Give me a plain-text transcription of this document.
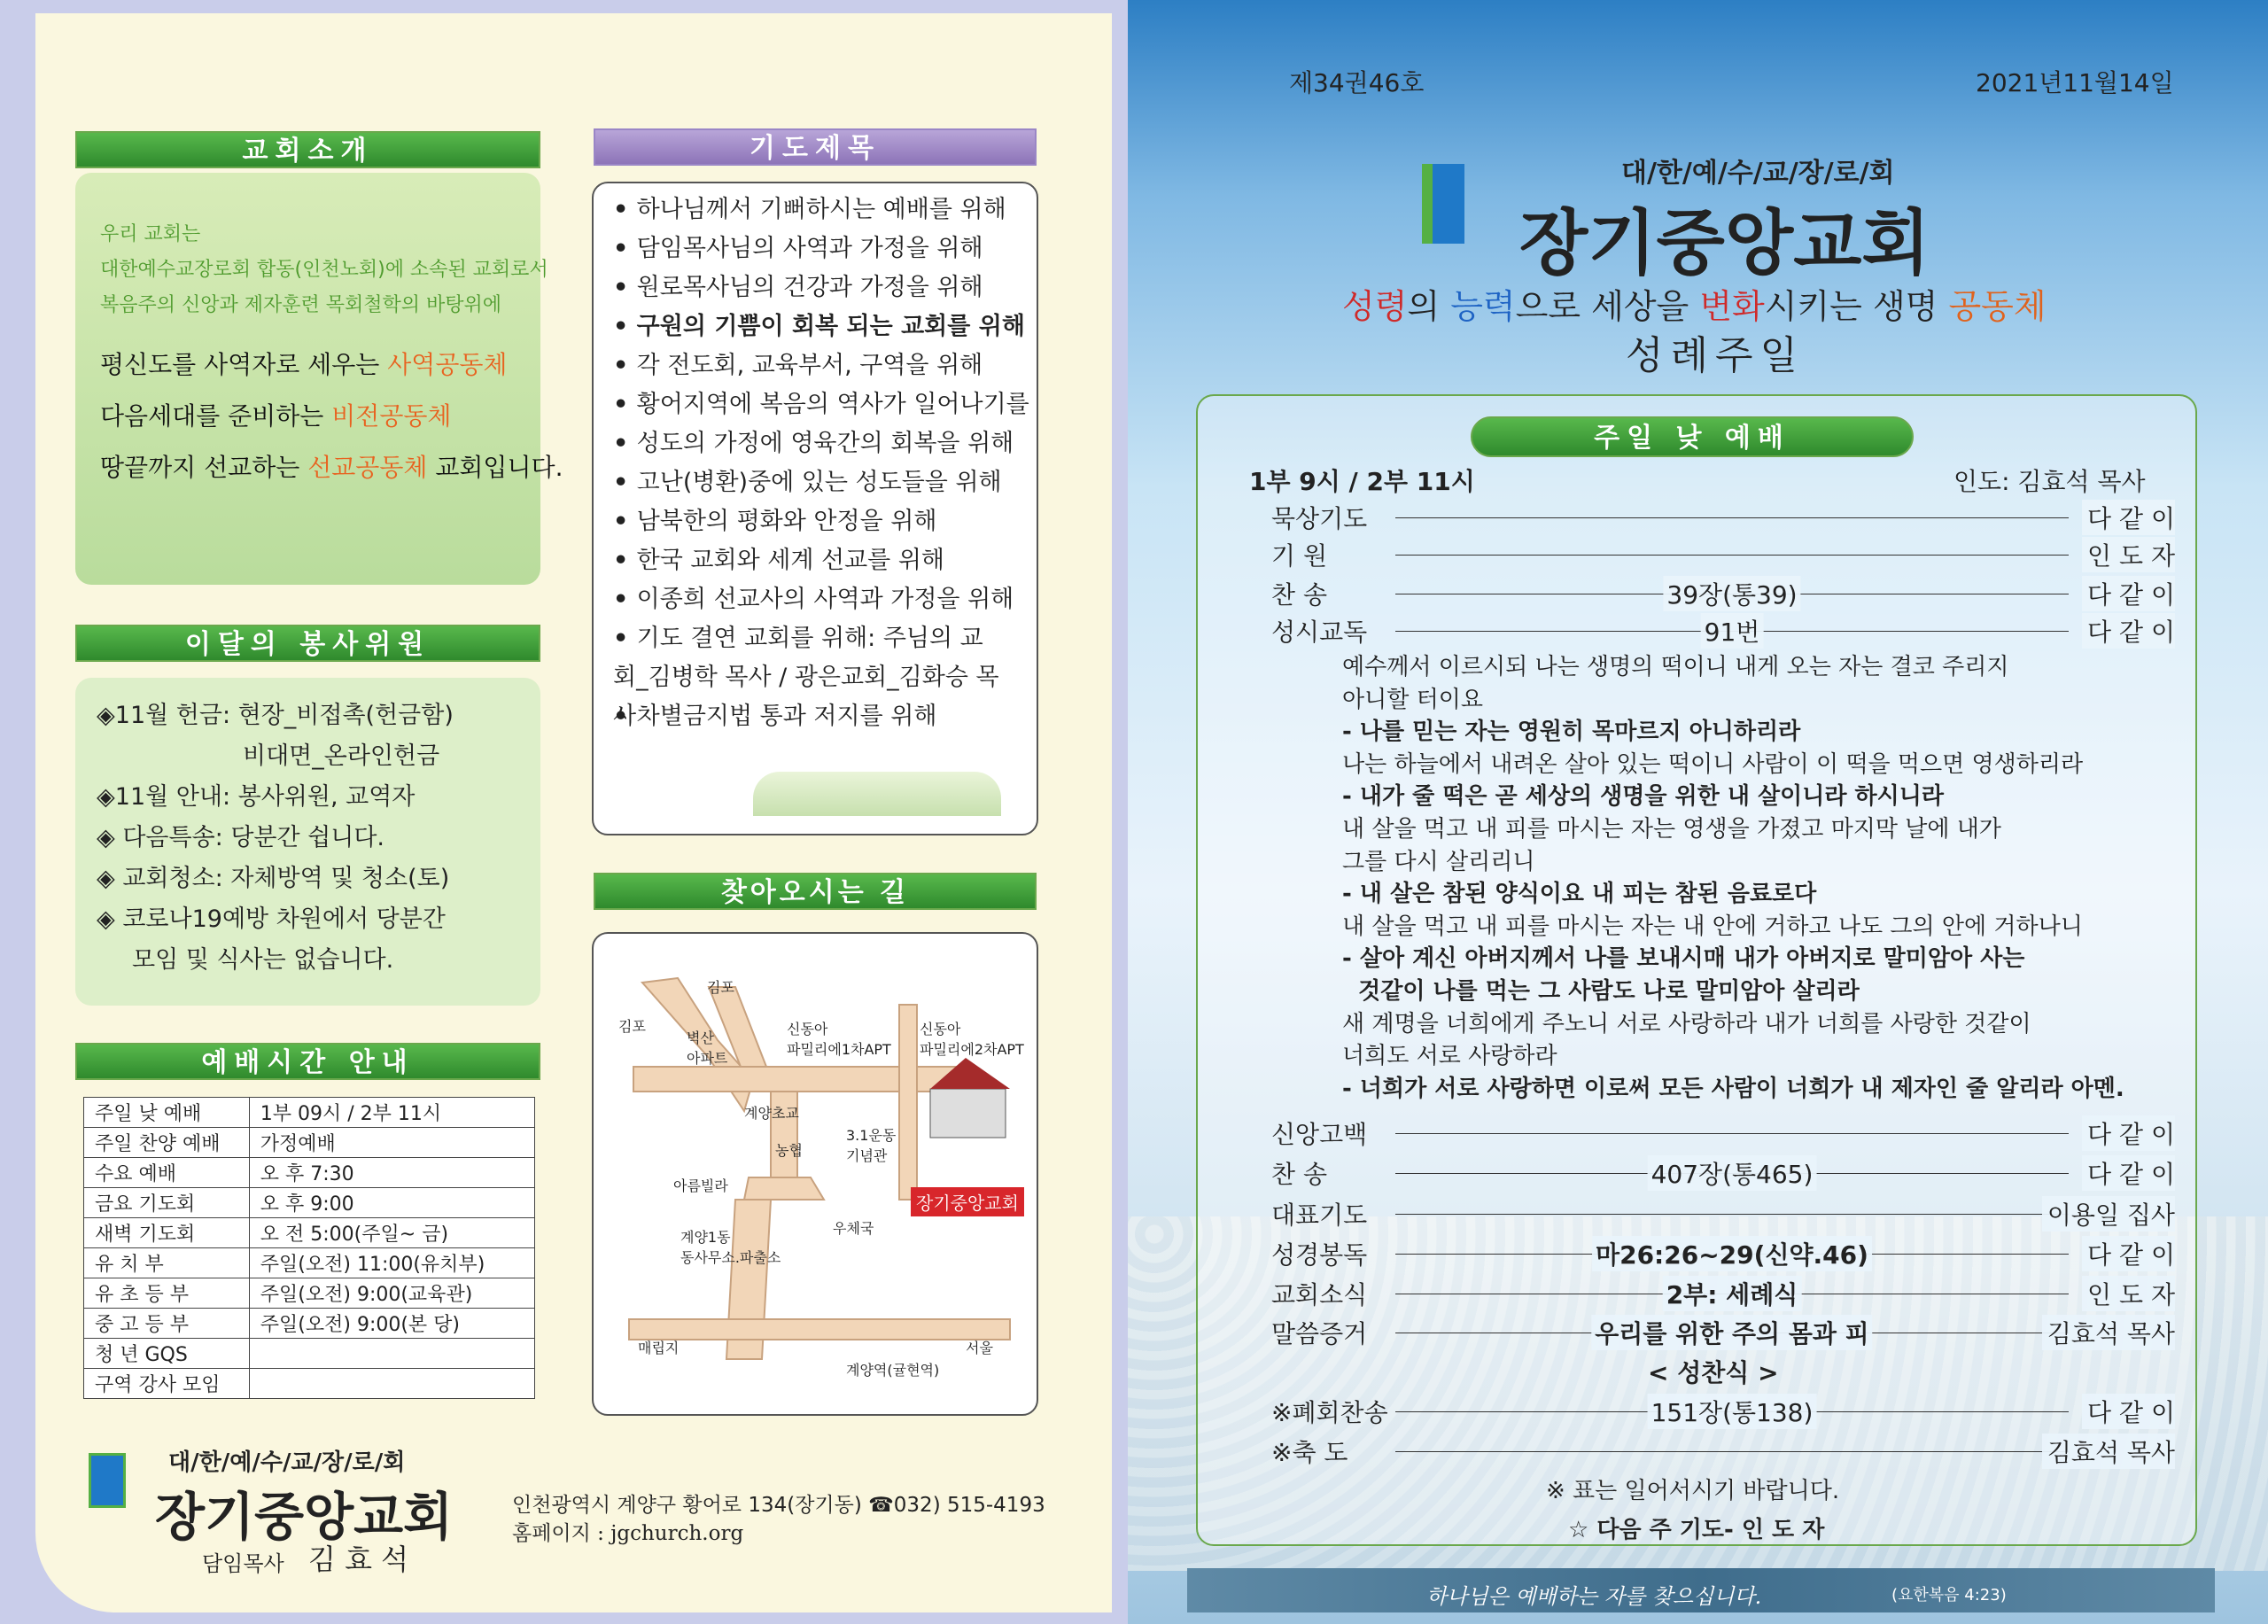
교회소개
우리 교회는
대한예수교장로회 합동(인천노회)에 소속된 교회로서
복음주의 신앙과 제자훈련 목회철학의 바탕위에
평신도를 사역자로 세우는 사역공동체
다음세대를 준비하는 비전공동체
땅끝까지 선교하는 선교공동체 교회입니다.
이달의 봉사위원
◈11월 헌금: 현장_비접촉(헌금함)
비대면_온라인헌금
◈11월 안내: 봉사위원, 교역자
◈ 다음특송: 당분간 쉽니다.
◈ 교회청소: 자체방역 및 청소(토)
◈ 코로나19예방 차원에서 당분간
모임 및 식사는 없습니다.
예배시간 안내
주일 낮 예배	1부 09시 / 2부 11시
주일 찬양 예배	가정예배
수요 예배	오 후 7:30
금요 기도회	오 후 9:00
새벽 기도회	오 전 5:00(주일~ 금)
유 치 부	주일(오전) 11:00(유치부)
유 초 등 부	주일(오전) 9:00(교육관)
중 고 등 부	주일(오전) 9:00(본 당)
청 년 GQS	
구역 강사 모임	
기도제목
• 하나님께서 기뻐하시는 예배를 위해
• 담임목사님의 사역과 가정을 위해
• 원로목사님의 건강과 가정을 위해
• 구원의 기쁨이 회복 되는 교회를 위해
• 각 전도회, 교육부서, 구역을 위해
• 황어지역에 복음의 역사가 일어나기를
• 성도의 가정에 영육간의 회복을 위해
• 고난(병환)중에 있는 성도들을 위해
• 남북한의 평화와 안정을 위해
• 한국 교회와 세계 선교를 위해
• 이종희 선교사의 사역과 가정을 위해
• 기도 결연 교회를 위해: 주님의 교회_김병학 목사 / 광은교회_김화승 목사 • 차별금지법 통과 저지를 위해
찾아오시는 길
김포
김포
벽산
아파트
신동아
파밀리에1차APT
신동아
파밀리에2차APT
계양초교
농협
3.1운동
기념관
아름빌라
계양1동
동사무소.파출소
우체국
장기중앙교회
매립지	서울
계양역(귤현역)
대/한/예/수/교/장/로/회
장기중앙교회
담임목사 김 효 석
인천광역시 계양구 황어로 134(장기동) ☎032) 515-4193
홈페이지 : jgchurch.org
제34권46호	2021년11월14일
대/한/예/수/교/장/로/회
장기중앙교회
성령의 능력으로 세상을 변화시키는 생명 공동체
성례주일
주일 낮 예배
1부 9시 / 2부 11시	인도: 김효석 목사
예수께서 이르시되 나는 생명의 떡이니 내게 오는 자는 결코 주리지
아니할 터이요
- 나를 믿는 자는 영원히 목마르지 아니하리라
나는 하늘에서 내려온 살아 있는 떡이니 사람이 이 떡을 먹으면 영생하리라
- 내가 줄 떡은 곧 세상의 생명을 위한 내 살이니라 하시니라
내 살을 먹고 내 피를 마시는 자는 영생을 가졌고 마지막 날에 내가
그를 다시 살리리니
- 내 살은 참된 양식이요 내 피는 참된 음료로다
내 살을 먹고 내 피를 마시는 자는 내 안에 거하고 나도 그의 안에 거하나니
- 살아 계신 아버지께서 나를 보내시매 내가 아버지로 말미암아 사는
것같이 나를 먹는 그 사람도 나로 말미암아 살리라
새 계명을 너희에게 주노니 서로 사랑하라 내가 너희를 사랑한 것같이
너희도 서로 사랑하라
- 너희가 서로 사랑하면 이로써 모든 사람이 너희가 내 제자인 줄 알리라 아멘.
< 성찬식 >
※ 표는 일어서시기 바랍니다.
☆ 다음 주 기도- 인 도 자
하나님은 예배하는 자를 찾으십니다.	(요한복음 4:23)
묵상기도	다 같 이
기 원	인 도 자
찬 송	39장(통39)	다 같 이
성시교독	91번	다 같 이
신앙고백	다 같 이
찬 송	407장(통465)	다 같 이
대표기도	이용일 집사
성경봉독	마26:26~29(신약.46)	다 같 이
교회소식	2부: 세례식	인 도 자
말씀증거	우리를 위한 주의 몸과 피	김효석 목사
※폐회찬송	151장(통138)	다 같 이
※축 도	김효석 목사
